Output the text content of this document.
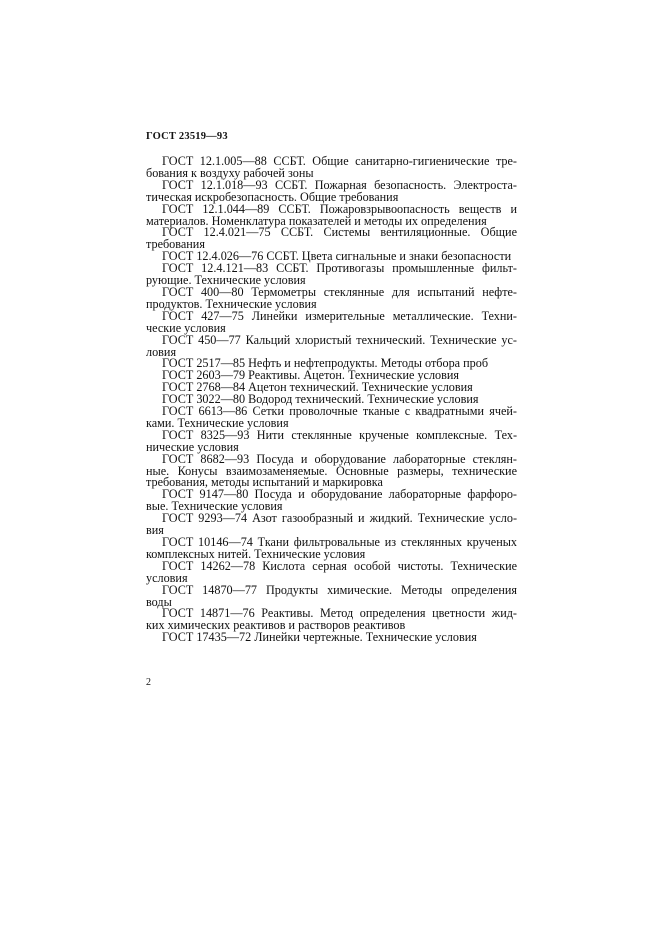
ГОСТ 23519—93
ГОСТ 12.1.005—88 ССБТ. Общие санитарно-гигиенические тре-
бования к воздуху рабочей зоны
ГОСТ 12.1.018—93 ССБТ. Пожарная безопасность. Электроста-
тическая искробезопасность. Общие требования
ГОСТ 12.1.044—89 ССБТ. Пожаровзрывоопасность веществ и
материалов. Номенклатура показателей и методы их определения
ГОСТ 12.4.021—75 ССБТ. Системы вентиляционные. Общие
требования
ГОСТ 12.4.026—76 ССБТ. Цвета сигнальные и знаки безопасности
ГОСТ 12.4.121—83 ССБТ. Противогазы промышленные фильт-
рующие. Технические условия
ГОСТ 400—80 Термометры стеклянные для испытаний нефте-
продуктов. Технические условия
ГОСТ 427—75 Линейки измерительные металлические. Техни-
ческие условия
ГОСТ 450—77 Кальций хлористый технический. Технические ус-
ловия
ГОСТ 2517—85 Нефть и нефтепродукты. Методы отбора проб
ГОСТ 2603—79 Реактивы. Ацетон. Технические условия
ГОСТ 2768—84 Ацетон технический. Технические условия
ГОСТ 3022—80 Водород технический. Технические условия
ГОСТ 6613—86 Сетки проволочные тканые с квадратными ячей-
ками. Технические условия
ГОСТ 8325—93 Нити стеклянные крученые комплексные. Тех-
нические условия
ГОСТ 8682—93 Посуда и оборудование лабораторные стеклян-
ные. Конусы взаимозаменяемые. Основные размеры, технические
требования, методы испытаний и маркировка
ГОСТ 9147—80 Посуда и оборудование лабораторные фарфоро-
вые. Технические условия
ГОСТ 9293—74 Азот газообразный и жидкий. Технические усло-
вия
ГОСТ 10146—74 Ткани фильтровальные из стеклянных крученых
комплексных нитей. Технические условия
ГОСТ 14262—78 Кислота серная особой чистоты. Технические
условия
ГОСТ 14870—77 Продукты химические. Методы определения
воды
ГОСТ 14871—76 Реактивы. Метод определения цветности жид-
ких химических реактивов и растворов реактивов
ГОСТ 17435—72 Линейки чертежные. Технические условия
2
